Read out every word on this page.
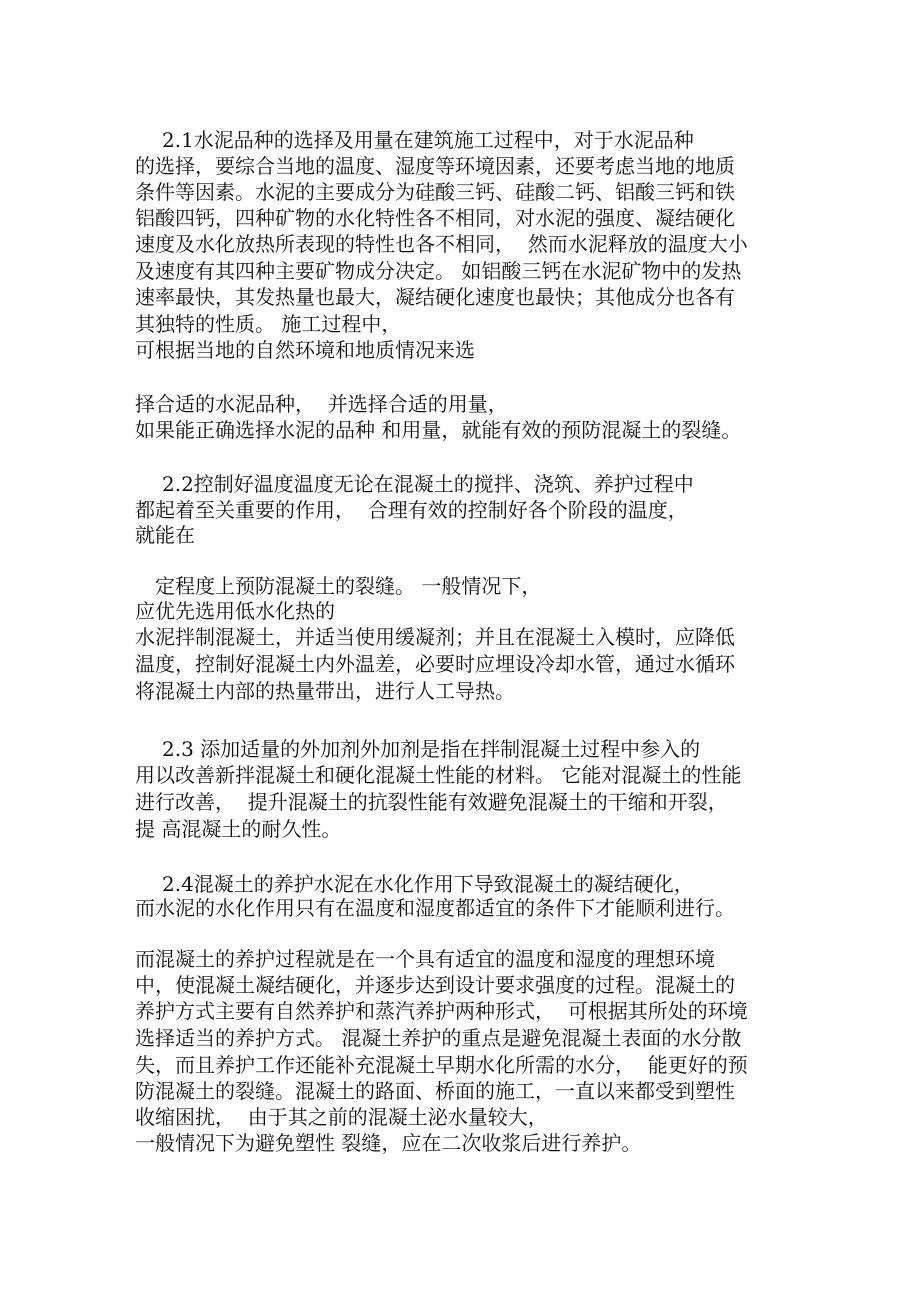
2.1水泥品种的选择及用量在建筑施工过程中，对于水泥品种
的选择，要综合当地的温度、湿度等环境因素，还要考虑当地的地质
条件等因素。水泥的主要成分为硅酸三钙、硅酸二钙、铝酸三钙和铁
铝酸四钙，四种矿物的水化特性各不相同，对水泥的强度、凝结硬化
速度及水化放热所表现的特性也各不相同，  然而水泥释放的温度大小
及速度有其四种主要矿物成分决定。 如铝酸三钙在水泥矿物中的发热
速率最快，其发热量也最大，凝结硬化速度也最快；其他成分也各有
其独特的性质。 施工过程中，
可根据当地的自然环境和地质情况来选
择合适的水泥品种，  并选择合适的用量，
如果能正确选择水泥的品种 和用量，就能有效的预防混凝土的裂缝。
2.2控制好温度温度无论在混凝土的搅拌、浇筑、养护过程中
都起着至关重要的作用，  合理有效的控制好各个阶段的温度，
就能在
定程度上预防混凝土的裂缝。 一般情况下，
应优先选用低水化热的
水泥拌制混凝土，并适当使用缓凝剂；并且在混凝土入模时，应降低
温度，控制好混凝土内外温差，必要时应埋设冷却水管，通过水循环
将混凝土内部的热量带出，进行人工导热。
2.3 添加适量的外加剂外加剂是指在拌制混凝土过程中参入的
用以改善新拌混凝土和硬化混凝土性能的材料。 它能对混凝土的性能
进行改善，  提升混凝土的抗裂性能有效避免混凝土的干缩和开裂，
提 高混凝土的耐久性。
2.4混凝土的养护水泥在水化作用下导致混凝土的凝结硬化，
而水泥的水化作用只有在温度和湿度都适宜的条件下才能顺利进行。
而混凝土的养护过程就是在一个具有适宜的温度和湿度的理想环境
中，使混凝土凝结硬化，并逐步达到设计要求强度的过程。混凝土的
养护方式主要有自然养护和蒸汽养护两种形式，  可根据其所处的环境
选择适当的养护方式。 混凝土养护的重点是避免混凝土表面的水分散
失，而且养护工作还能补充混凝土早期水化所需的水分，  能更好的预
防混凝土的裂缝。混凝土的路面、桥面的施工，一直以来都受到塑性
收缩困扰，  由于其之前的混凝土泌水量较大，
一般情况下为避免塑性 裂缝，应在二次收浆后进行养护。
